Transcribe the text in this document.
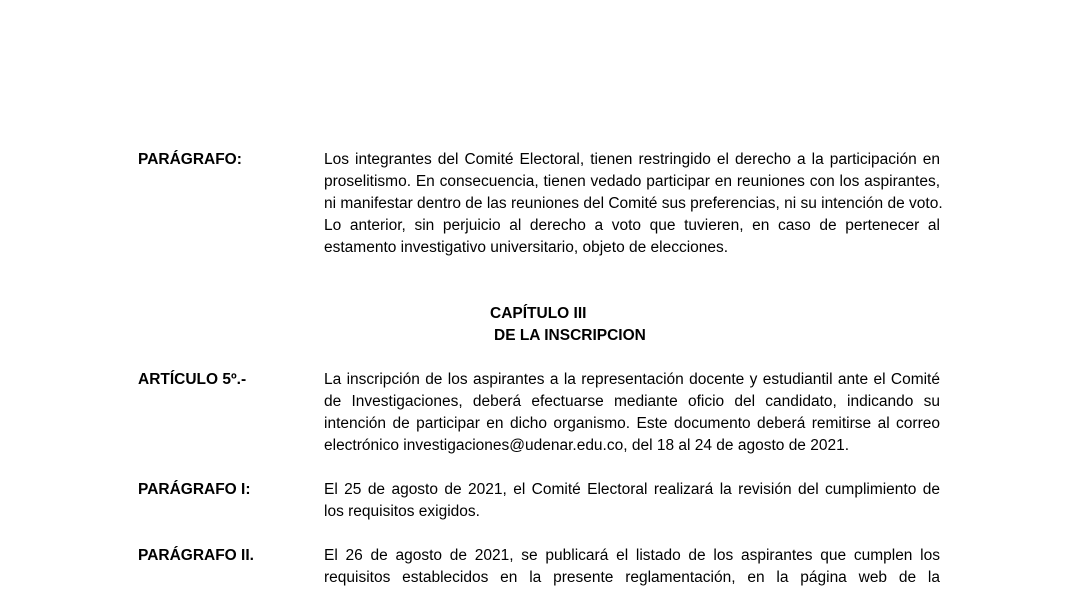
PARÁGRAFO:	Los integrantes del Comité Electoral, tienen restringido el derecho a la participación en
proselitismo. En consecuencia, tienen vedado participar en reuniones con los aspirantes,
ni manifestar dentro de las reuniones del Comité sus preferencias, ni su intención de voto.
Lo anterior, sin perjuicio al derecho a voto que tuvieren, en caso de pertenecer al
estamento investigativo universitario, objeto de elecciones.
CAPÍTULO III
DE LA INSCRIPCION
ARTÍCULO 5º.-	La inscripción de los aspirantes a la representación docente y estudiantil ante el Comité
de Investigaciones, deberá efectuarse mediante oficio del candidato, indicando su
intención de participar en dicho organismo. Este documento deberá remitirse al correo
electrónico investigaciones@udenar.edu.co, del 18 al 24 de agosto de 2021.
PARÁGRAFO I:	El 25 de agosto de 2021, el Comité Electoral realizará la revisión del cumplimiento de
los requisitos exigidos.
PARÁGRAFO II.	El 26 de agosto de 2021, se publicará el listado de los aspirantes que cumplen los
requisitos establecidos en la presente reglamentación, en la página web de la
